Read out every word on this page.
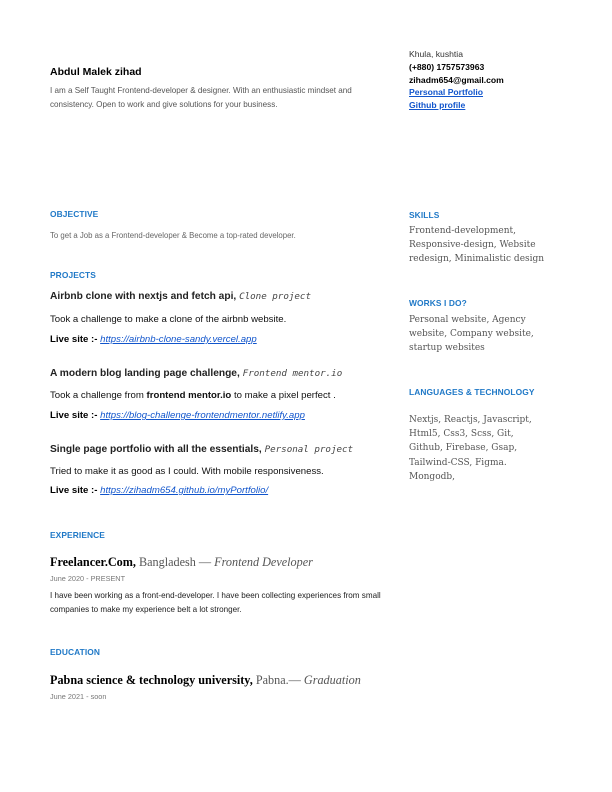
Abdul Malek zihad
I am a Self Taught Frontend-developer & designer. With an enthusiastic mindset and consistency. Open to work and give solutions for your business.
Khula, kushtia
(+880) 1757573963
zihadm654@gmail.com
Personal Portfolio
Github profile
OBJECTIVE
To get a Job as a Frontend-developer & Become a top-rated developer.
PROJECTS
Airbnb clone with nextjs and fetch api, Clone project
Took a challenge to make a clone of the airbnb website.
Live site :- https://airbnb-clone-sandy.vercel.app
A modern blog landing page challenge, Frontend mentor.io
Took a challenge from frontend mentor.io to make a pixel perfect .
Live site :- https://blog-challenge-frontendmentor.netlify.app
Single page portfolio with all the essentials, Personal project
Tried to make it as good as I could. With mobile responsiveness.
Live site :- https://zihadm654.github.io/myPortfolio/
EXPERIENCE
Freelancer.Com, Bangladesh — Frontend Developer
June 2020 - PRESENT
I have been working as a front-end-developer. I have been collecting experiences from small companies to make my experience belt a lot stronger.
EDUCATION
Pabna science & technology university, Pabna.— Graduation
June 2021 - soon
SKILLS
Frontend-development, Responsive-design, Website redesign, Minimalistic design
WORKS I DO?
Personal website, Agency website, Company website, startup websites
LANGUAGES & TECHNOLOGY
Nextjs, Reactjs, Javascript, Html5, Css3, Scss, Git, Github, Firebase, Gsap, Tailwind-CSS, Figma. Mongodb,
